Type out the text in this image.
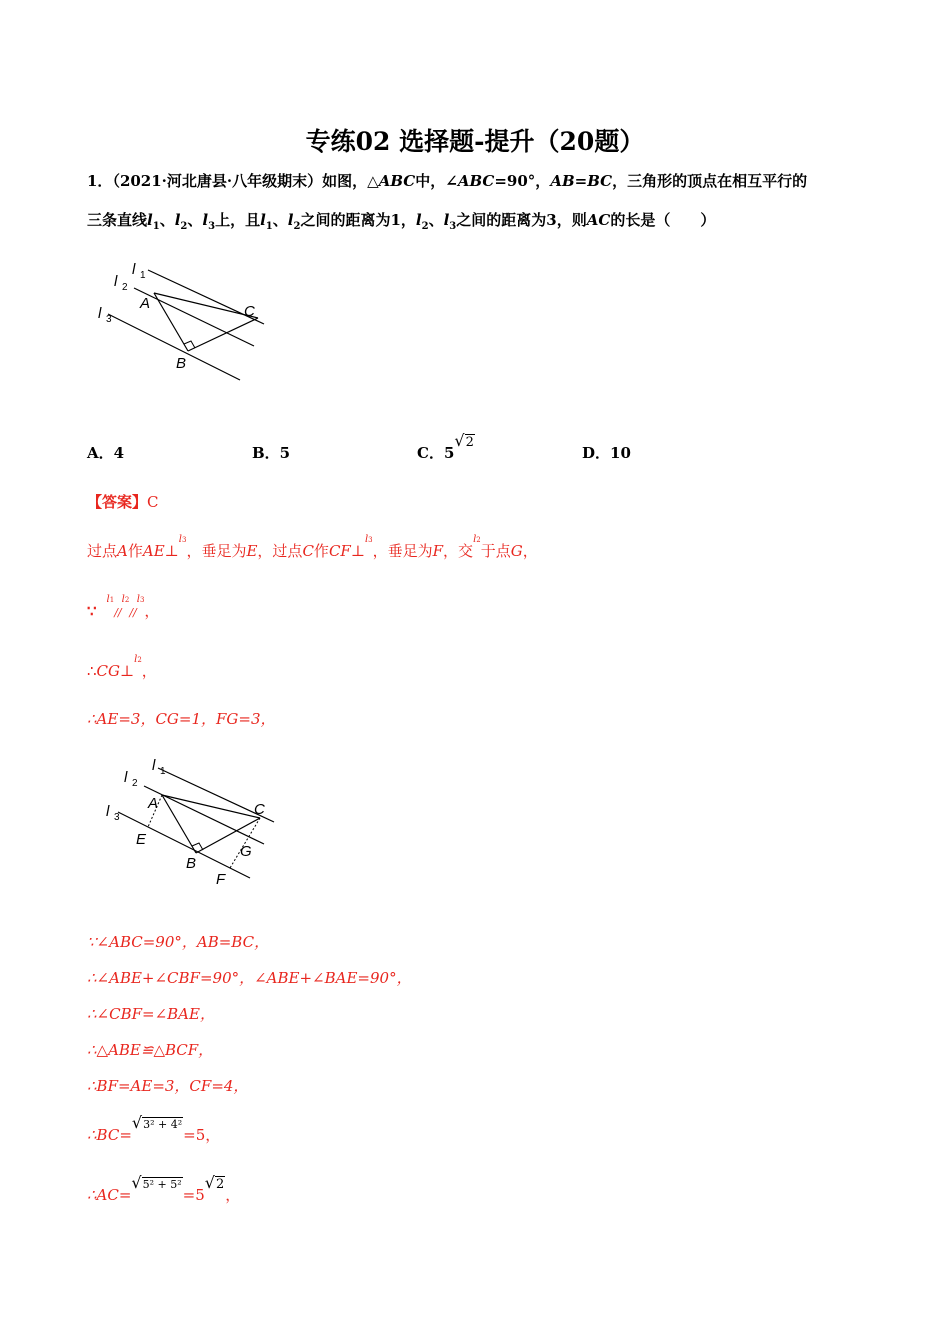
专练02 选择题-提升（20题）
1．（2021·河北唐县·八年级期末）如图，△ABC中，∠ABC=90°，AB=BC，三角形的顶点在相互平行的
三条直线$l_1$、$l_2$、$l_3$上，且$l_1$、$l_2$之间的距离为1，$l_2$、$l_3$之间的距离为3，则AC的长是（　　）
l 1
l 2
l 3
A	C
B
A．4	B．5	C．5√2
D．10
【答案】C
过点A作AE⊥$^{l3}$，垂足为E，过点C作CF⊥$^{l3}$，垂足为F，交$^{l2}$于点G，
∵$^{l1}$//$^{l2}$//$^{l3}$，
∴CG⊥$^{l2}$，
∴AE=3，CG=1，FG=3，
A	C
B
E
F
G
l 1
l 2
l 3
∵∠ABC=90°，AB=BC，
∴∠ABE+∠CBF=90°，∠ABE+∠BAE=90°，
∴∠CBF=∠BAE，
∴△ABE≌△BCF，
∴BF=AE=3，CF=4，
∴BC=√3² + 4²=5，
∴AC=√5² + 5²=5√2，
